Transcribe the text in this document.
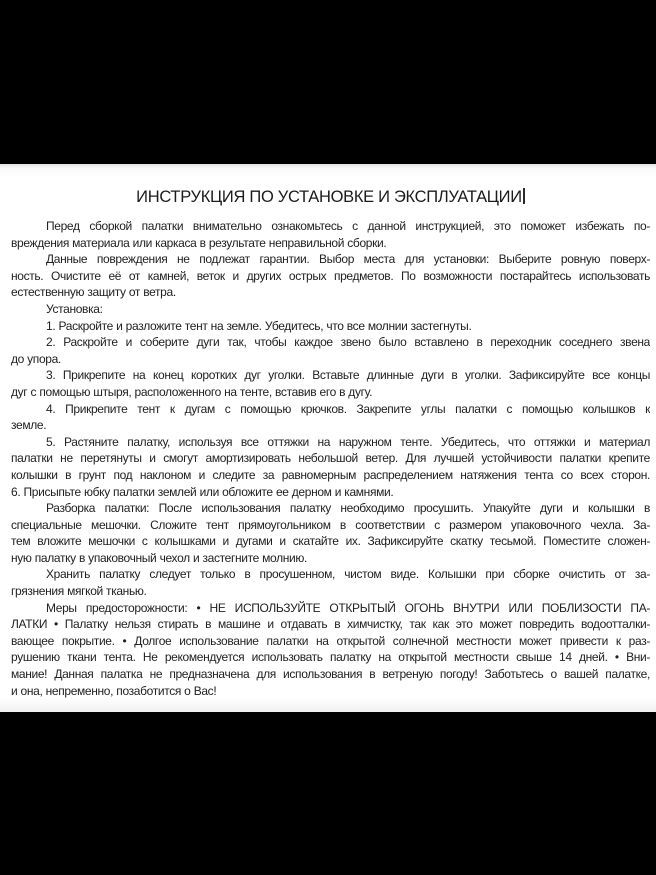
ИНСТРУКЦИЯ ПО УСТАНОВКЕ И ЭКСПЛУАТАЦИИ
Перед сборкой палатки внимательно ознакомьтесь с данной инструкцией, это поможет избежать по-
вреждения материала или каркаса в результате неправильной сборки.
Данные повреждения не подлежат гарантии. Выбор места для установки: Выберите ровную поверх-
ность. Очистите её от камней, веток и других острых предметов. По возможности постарайтесь использовать
естественную защиту от ветра.
Установка:
1. Раскройте и разложите тент на земле. Убедитесь, что все молнии застегнуты.
2. Раскройте и соберите дуги так, чтобы каждое звено было вставлено в переходник соседнего звена
до упора.
3. Прикрепите на конец коротких дуг уголки. Вставьте длинные дуги в уголки. Зафиксируйте все концы
дуг с помощью штыря, расположенного на тенте, вставив его в дугу.
4. Прикрепите тент к дугам с помощью крючков. Закрепите углы палатки с помощью колышков к
земле.
5. Растяните палатку, используя все оттяжки на наружном тенте. Убедитесь, что оттяжки и материал
палатки не перетянуты и смогут амортизировать небольшой ветер. Для лучшей устойчивости палатки крепите
колышки в грунт под наклоном и следите за равномерным распределением натяжения тента со всех сторон.
6. Присыпьте юбку палатки землей или обложите ее дерном и камнями.
Разборка палатки: После использования палатку необходимо просушить. Упакуйте дуги и колышки в
специальные мешочки. Сложите тент прямоугольником в соответствии с размером упаковочного чехла. За-
тем вложите мешочки с колышками и дугами и скатайте их. Зафиксируйте скатку тесьмой. Поместите сложен-
ную палатку в упаковочный чехол и застегните молнию.
Хранить палатку следует только в просушенном, чистом виде. Колышки при сборке очистить от за-
грязнения мягкой тканью.
Меры предосторожности: • НЕ ИСПОЛЬЗУЙТЕ ОТКРЫТЫЙ ОГОНЬ ВНУТРИ ИЛИ ПОБЛИЗОСТИ ПА-
ЛАТКИ • Палатку нельзя стирать в машине и отдавать в химчистку, так как это может повредить водоотталки-
вающее покрытие. • Долгое использование палатки на открытой солнечной местности может привести к раз-
рушению ткани тента. Не рекомендуется использовать палатку на открытой местности свыше 14 дней. • Вни-
мание! Данная палатка не предназначена для использования в ветреную погоду! Заботьтесь о вашей палатке,
и она, непременно, позаботится о Вас!
